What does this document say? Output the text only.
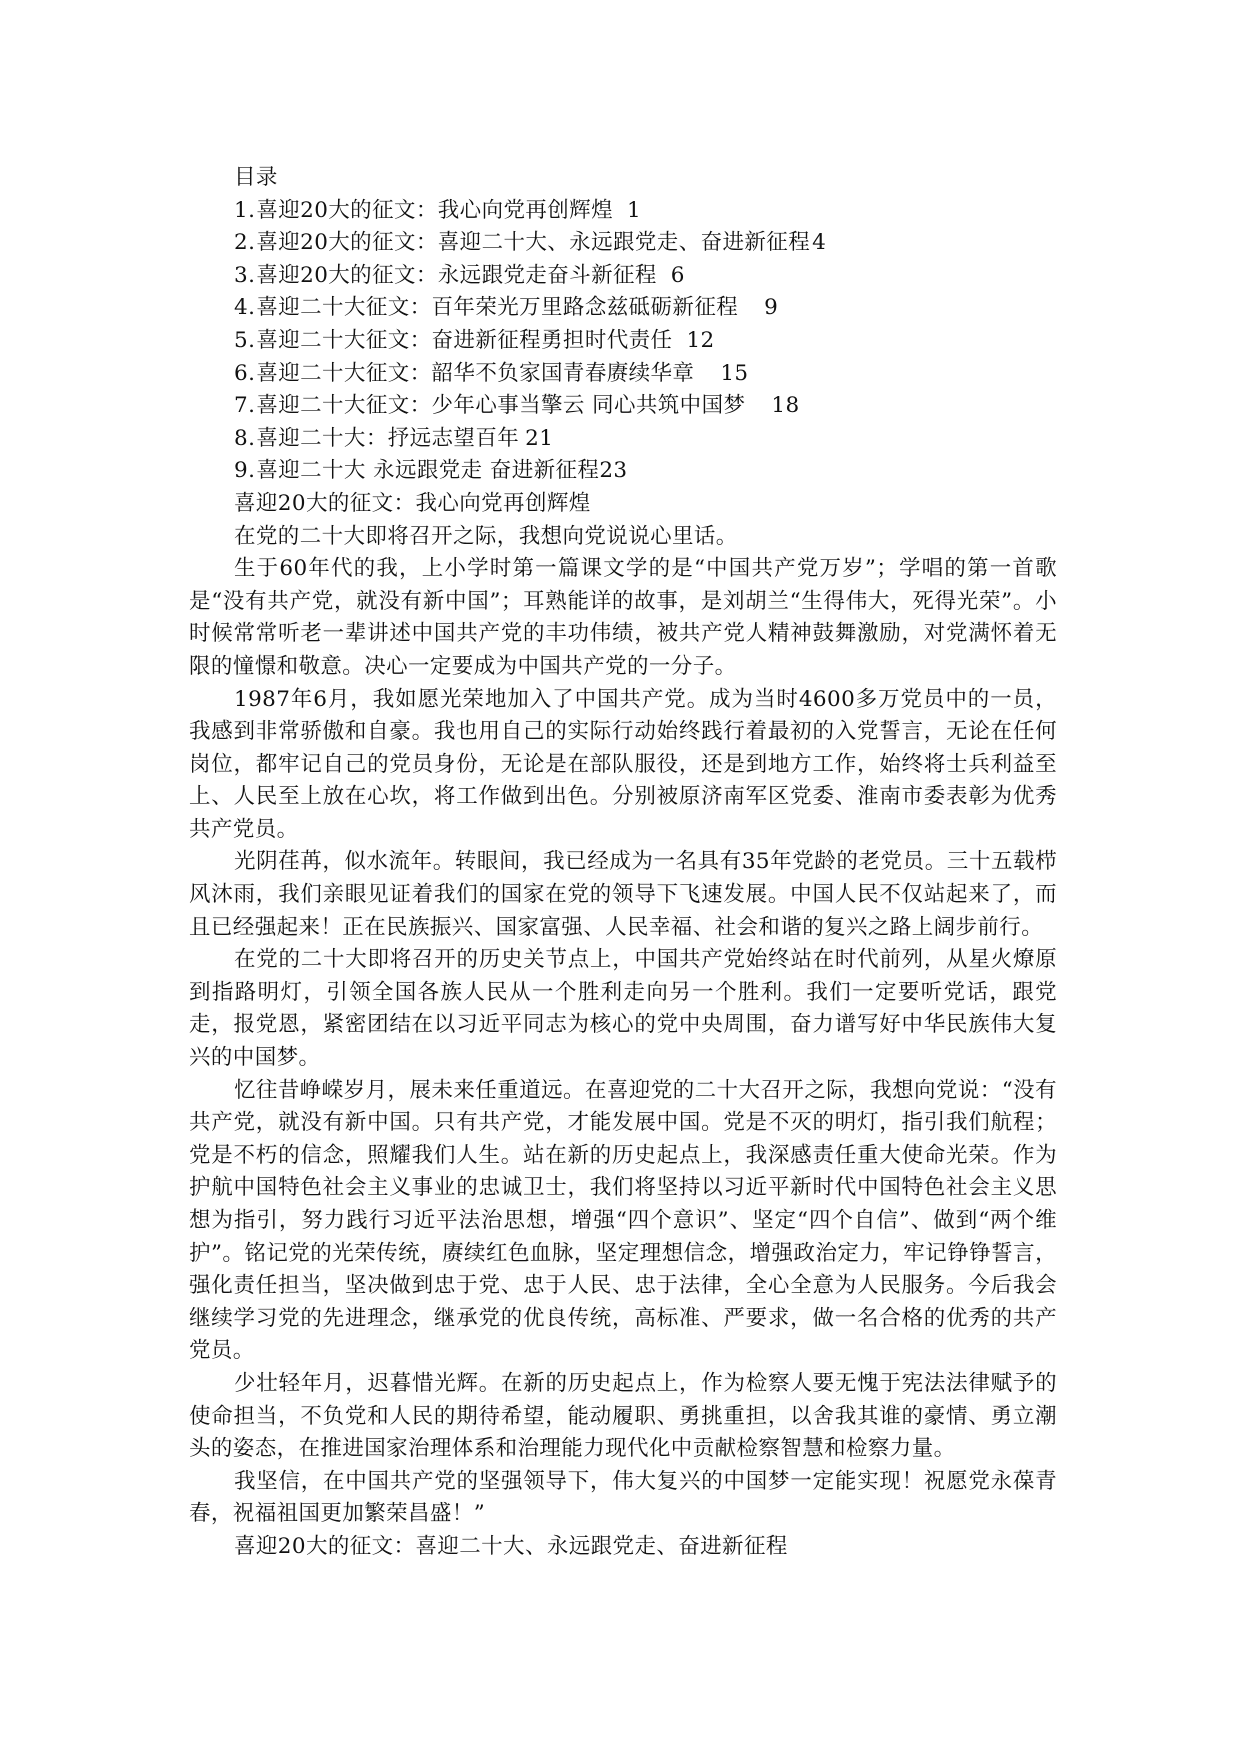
目录
1.喜迎20大的征文：我心向党再创辉煌 1
2.喜迎20大的征文：喜迎二十大、永远跟党走、奋进新征程4
3.喜迎20大的征文：永远跟党走奋斗新征程 6
4.喜迎二十大征文：百年荣光万里路念兹砥砺新征程 9
5.喜迎二十大征文：奋进新征程勇担时代责任 12
6.喜迎二十大征文：韶华不负家国青春赓续华章 15
7.喜迎二十大征文：少年心事当擎云 同心共筑中国梦 18
8.喜迎二十大：抒远志望百年 21
9.喜迎二十大 永远跟党走 奋进新征程23
喜迎20大的征文：我心向党再创辉煌

在党的二十大即将召开之际，我想向党说说心里话。

生于60年代的我，上小学时第一篇课文学的是“中国共产党万岁”；学唱的第一首歌是“没有共产党，就没有新中国”；耳熟能详的故事，是刘胡兰“生得伟大，死得光荣”。小时候常常听老一辈讲述中国共产党的丰功伟绩，被共产党人精神鼓舞激励，对党满怀着无限的憧憬和敬意。决心一定要成为中国共产党的一分子。

1987年6月，我如愿光荣地加入了中国共产党。成为当时4600多万党员中的一员，我感到非常骄傲和自豪。我也用自己的实际行动始终践行着最初的入党誓言，无论在任何岗位，都牢记自己的党员身份，无论是在部队服役，还是到地方工作，始终将士兵利益至上、人民至上放在心坎，将工作做到出色。分别被原济南军区党委、淮南市委表彰为优秀共产党员。

光阴荏苒，似水流年。转眼间，我已经成为一名具有35年党龄的老党员。三十五载栉风沐雨，我们亲眼见证着我们的国家在党的领导下飞速发展。中国人民不仅站起来了，而且已经强起来！正在民族振兴、国家富强、人民幸福、社会和谐的复兴之路上阔步前行。

在党的二十大即将召开的历史关节点上，中国共产党始终站在时代前列，从星火燎原到指路明灯，引领全国各族人民从一个胜利走向另一个胜利。我们一定要听党话，跟党走，报党恩，紧密团结在以习近平同志为核心的党中央周围，奋力谱写好中华民族伟大复兴的中国梦。

忆往昔峥嵘岁月，展未来任重道远。在喜迎党的二十大召开之际，我想向党说：“没有共产党，就没有新中国。只有共产党，才能发展中国。党是不灭的明灯，指引我们航程；党是不朽的信念，照耀我们人生。站在新的历史起点上，我深感责任重大使命光荣。作为护航中国特色社会主义事业的忠诚卫士，我们将坚持以习近平新时代中国特色社会主义思想为指引，努力践行习近平法治思想，增强“四个意识”、坚定“四个自信”、做到“两个维护”。铭记党的光荣传统，赓续红色血脉，坚定理想信念，增强政治定力，牢记铮铮誓言，强化责任担当，坚决做到忠于党、忠于人民、忠于法律，全心全意为人民服务。今后我会继续学习党的先进理念，继承党的优良传统，高标准、严要求，做一名合格的优秀的共产党员。

少壮轻年月，迟暮惜光辉。在新的历史起点上，作为检察人要无愧于宪法法律赋予的使命担当，不负党和人民的期待希望，能动履职、勇挑重担，以舍我其谁的豪情、勇立潮头的姿态，在推进国家治理体系和治理能力现代化中贡献检察智慧和检察力量。

我坚信，在中国共产党的坚强领导下，伟大复兴的中国梦一定能实现！祝愿党永葆青春，祝福祖国更加繁荣昌盛！”

喜迎20大的征文：喜迎二十大、永远跟党走、奋进新征程
